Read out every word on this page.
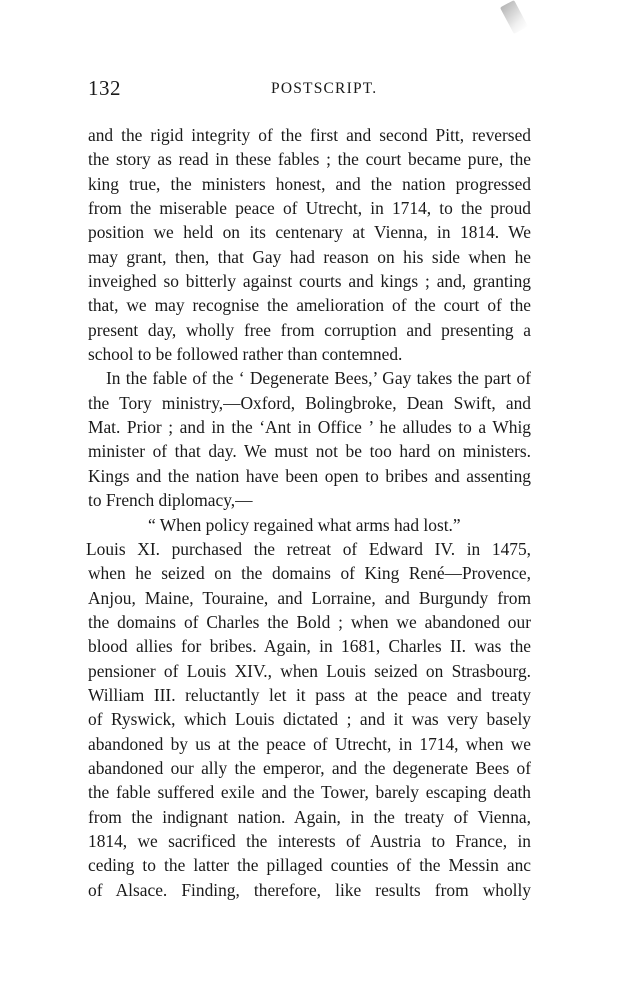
132	POSTSCRIPT.
and the rigid integrity of the first and second Pitt, reversed
the story as read in these fables ; the court became pure, the
king true, the ministers honest, and the nation progressed
from the miserable peace of Utrecht, in 1714, to the proud
position we held on its centenary at Vienna, in 1814. We
may grant, then, that Gay had reason on his side when he
inveighed so bitterly against courts and kings ; and, granting
that, we may recognise the amelioration of the court of the
present day, wholly free from corruption and presenting a
school to be followed rather than contemned.
In the fable of the ‘ Degenerate Bees,’ Gay takes the part of
the Tory ministry,—Oxford, Bolingbroke, Dean Swift, and
Mat. Prior ; and in the ‘Ant in Office ’ he alludes to a Whig
minister of that day. We must not be too hard on ministers.
Kings and the nation have been open to bribes and assenting
to French diplomacy,—
“ When policy regained what arms had lost.”
Louis XI. purchased the retreat of Edward IV. in 1475,
when he seized on the domains of King René—Provence,
Anjou, Maine, Touraine, and Lorraine, and Burgundy from
the domains of Charles the Bold ; when we abandoned our
blood allies for bribes. Again, in 1681, Charles II. was the
pensioner of Louis XIV., when Louis seized on Strasbourg.
William III. reluctantly let it pass at the peace and treaty
of Ryswick, which Louis dictated ; and it was very basely
abandoned by us at the peace of Utrecht, in 1714, when we
abandoned our ally the emperor, and the degenerate Bees of
the fable suffered exile and the Tower, barely escaping death
from the indignant nation. Again, in the treaty of Vienna,
1814, we sacrificed the interests of Austria to France, in
ceding to the latter the pillaged counties of the Messin anc
of Alsace. Finding, therefore, like results from wholly
